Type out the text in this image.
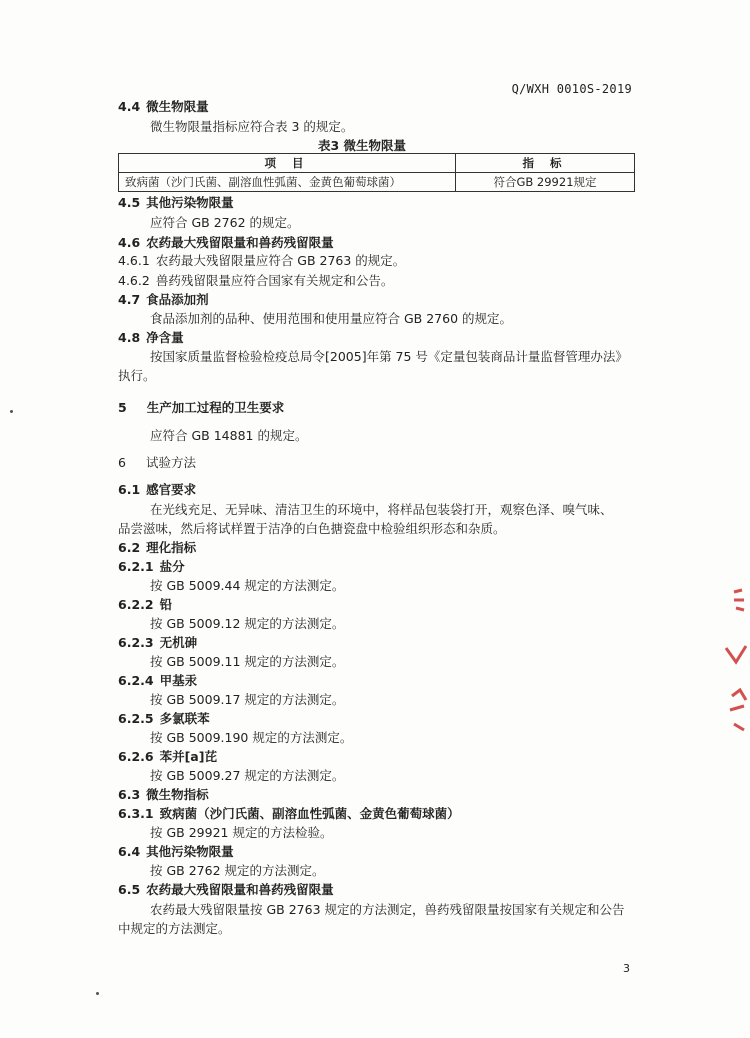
Q/WXH 0010S-2019
4.4 微生物限量
微生物限量指标应符合表 3 的规定。
表3 微生物限量
项 目	指 标
致病菌（沙门氏菌、副溶血性弧菌、金黄色葡萄球菌）	符合GB 29921规定
4.5 其他污染物限量
应符合 GB 2762 的规定。
4.6 农药最大残留限量和兽药残留限量
4.6.1 农药最大残留限量应符合 GB 2763 的规定。
4.6.2 兽药残留限量应符合国家有关规定和公告。
4.7 食品添加剂
食品添加剂的品种、使用范围和使用量应符合 GB 2760 的规定。
4.8 净含量
按国家质量监督检验检疫总局令[2005]年第 75 号《定量包装商品计量监督管理办法》
执行。
5 生产加工过程的卫生要求
应符合 GB 14881 的规定。
6 试验方法
6.1 感官要求
在光线充足、无异味、清洁卫生的环境中，将样品包装袋打开，观察色泽、嗅气味、
品尝滋味，然后将试样置于洁净的白色搪瓷盘中检验组织形态和杂质。
6.2 理化指标
6.2.1 盐分
按 GB 5009.44 规定的方法测定。
6.2.2 铅
按 GB 5009.12 规定的方法测定。
6.2.3 无机砷
按 GB 5009.11 规定的方法测定。
6.2.4 甲基汞
按 GB 5009.17 规定的方法测定。
6.2.5 多氯联苯
按 GB 5009.190 规定的方法测定。
6.2.6 苯并[a]芘
按 GB 5009.27 规定的方法测定。
6.3 微生物指标
6.3.1 致病菌（沙门氏菌、副溶血性弧菌、金黄色葡萄球菌）
按 GB 29921 规定的方法检验。
6.4 其他污染物限量
按 GB 2762 规定的方法测定。
6.5 农药最大残留限量和兽药残留限量
农药最大残留限量按 GB 2763 规定的方法测定，兽药残留限量按国家有关规定和公告
中规定的方法测定。
3
